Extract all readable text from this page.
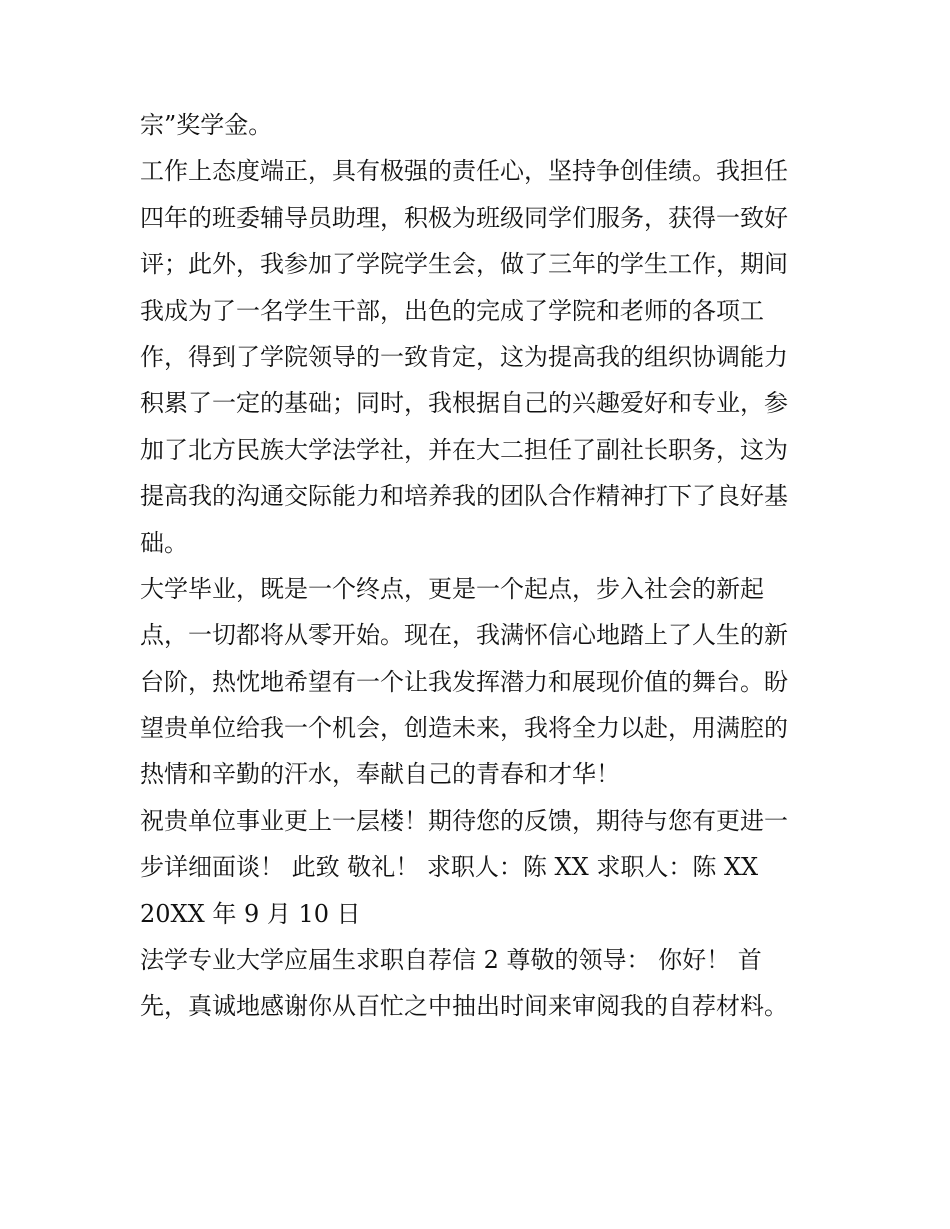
宗”奖学金。
工作上态度端正，具有极强的责任心，坚持争创佳绩。我担任
四年的班委辅导员助理，积极为班级同学们服务，获得一致好
评；此外，我参加了学院学生会，做了三年的学生工作，期间
我成为了一名学生干部，出色的完成了学院和老师的各项工
作，得到了学院领导的一致肯定，这为提高我的组织协调能力
积累了一定的基础；同时，我根据自己的兴趣爱好和专业，参
加了北方民族大学法学社，并在大二担任了副社长职务，这为
提高我的沟通交际能力和培养我的团队合作精神打下了良好基
础。
大学毕业，既是一个终点，更是一个起点，步入社会的新起
点，一切都将从零开始。现在，我满怀信心地踏上了人生的新
台阶，热忱地希望有一个让我发挥潜力和展现价值的舞台。盼
望贵单位给我一个机会，创造未来，我将全力以赴，用满腔的
热情和辛勤的汗水，奉献自己的青春和才华！
祝贵单位事业更上一层楼！期待您的反馈，期待与您有更进一
步详细面谈！ 此致 敬礼！ 求职人：陈 XX 求职人：陈 XX
20XX 年 9 月 10 日
法学专业大学应届生求职自荐信 2 尊敬的领导： 你好！ 首
先，真诚地感谢你从百忙之中抽出时间来审阅我的自荐材料。
